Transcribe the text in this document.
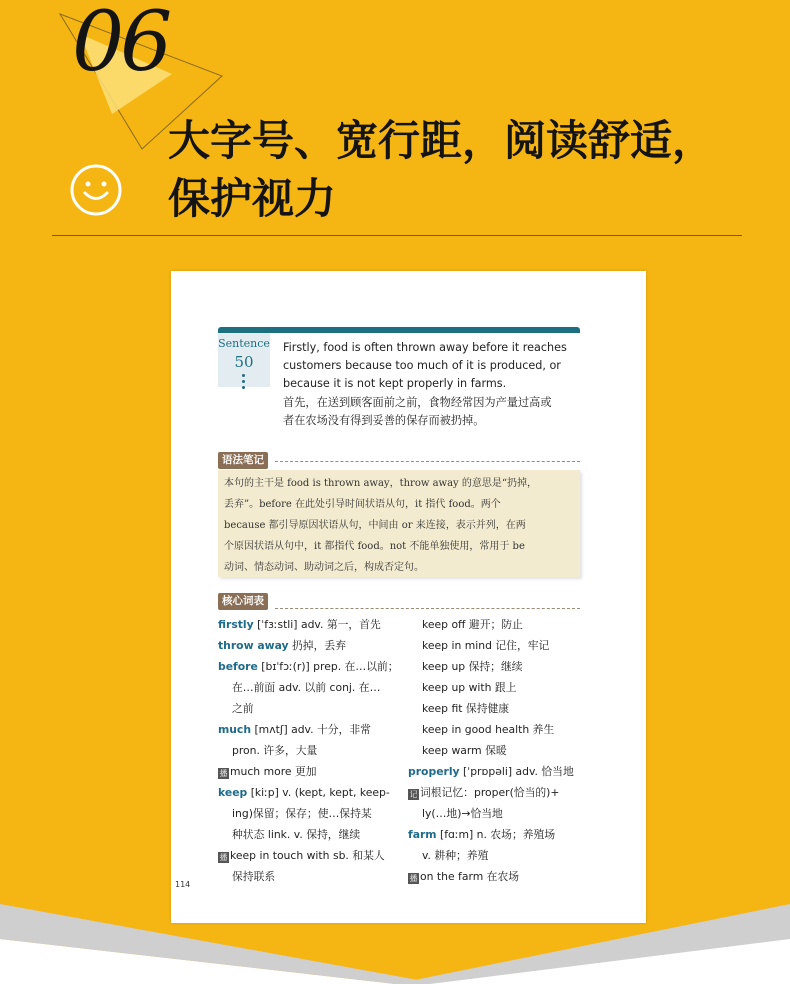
06
大字号、宽行距，阅读舒适，
保护视力
Sentence
50
Firstly, food is often thrown away before it reaches
customers because too much of it is produced, or
because it is not kept properly in farms.
首先，在送到顾客面前之前，食物经常因为产量过高或
者在农场没有得到妥善的保存而被扔掉。
语法笔记
本句的主干是 food is thrown away，throw away 的意思是“扔掉，
丢弃”。before 在此处引导时间状语从句，it 指代 food。两个
because 都引导原因状语从句，中间由 or 来连接，表示并列，在两
个原因状语从句中，it 都指代 food。not 不能单独使用，常用于 be
动词、情态动词、助动词之后，构成否定句。
核心词表
firstly [ˈfɜːstli] adv. 第一，首先
throw away 扔掉，丢弃
before [bɪˈfɔː(r)] prep. 在…以前；
在…前面 adv. 以前 conj. 在…
之前
much [mʌtʃ] adv. 十分，非常
pron. 许多，大量
播 much more 更加
keep [kiːp] v. (kept, kept, keep-
ing)保留；保存；使…保持某
种状态 link. v. 保持，继续
播 keep in touch with sb. 和某人
保持联系
keep off 避开；防止
keep in mind 记住，牢记
keep up 保持；继续
keep up with 跟上
keep fit 保持健康
keep in good health 养生
keep warm 保暖
properly [ˈprɒpəli] adv. 恰当地
记 词根记忆：proper(恰当的)+
ly(…地)→恰当地
farm [fɑːm] n. 农场；养殖场
v. 耕种；养殖
播 on the farm 在农场
114
